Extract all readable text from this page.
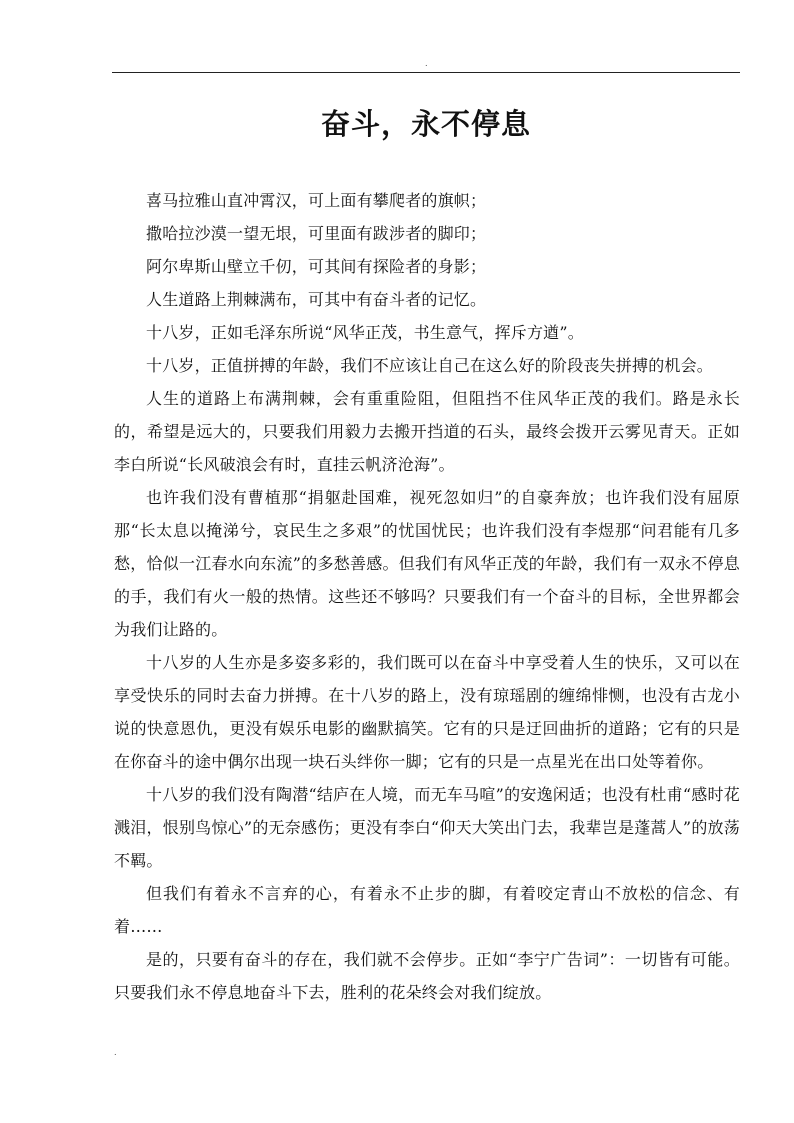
.
奋斗，永不停息

喜马拉雅山直冲霄汉，可上面有攀爬者的旗帜；

撒哈拉沙漠一望无垠，可里面有跋涉者的脚印；

阿尔卑斯山壁立千仞，可其间有探险者的身影；

人生道路上荆棘满布，可其中有奋斗者的记忆。

十八岁，正如毛泽东所说“风华正茂，书生意气，挥斥方遒”。

十八岁，正值拼搏的年龄，我们不应该让自己在这么好的阶段丧失拼搏的机会。

人生的道路上布满荆棘，会有重重险阻，但阻挡不住风华正茂的我们。路是永长的，希望是远大的，只要我们用毅力去搬开挡道的石头，最终会拨开云雾见青天。正如李白所说“长风破浪会有时，直挂云帆济沧海”。

也许我们没有曹植那“捐躯赴国难，视死忽如归”的自豪奔放；也许我们没有屈原那“长太息以掩涕兮，哀民生之多艰”的忧国忧民；也许我们没有李煜那“问君能有几多愁，恰似一江春水向东流”的多愁善感。但我们有风华正茂的年龄，我们有一双永不停息的手，我们有火一般的热情。这些还不够吗？只要我们有一个奋斗的目标，全世界都会为我们让路的。

十八岁的人生亦是多姿多彩的，我们既可以在奋斗中享受着人生的快乐，又可以在享受快乐的同时去奋力拼搏。在十八岁的路上，没有琼瑶剧的缠绵悱恻，也没有古龙小说的快意恩仇，更没有娱乐电影的幽默搞笑。它有的只是迂回曲折的道路；它有的只是在你奋斗的途中偶尔出现一块石头绊你一脚；它有的只是一点星光在出口处等着你。

十八岁的我们没有陶潜“结庐在人境，而无车马喧”的安逸闲适；也没有杜甫“感时花溅泪，恨别鸟惊心”的无奈感伤；更没有李白“仰天大笑出门去，我辈岂是蓬蒿人”的放荡不羁。

但我们有着永不言弃的心，有着永不止步的脚，有着咬定青山不放松的信念、有着……

是的，只要有奋斗的存在，我们就不会停步。正如“李宁广告词”：一切皆有可能。只要我们永不停息地奋斗下去，胜利的花朵终会对我们绽放。

.
